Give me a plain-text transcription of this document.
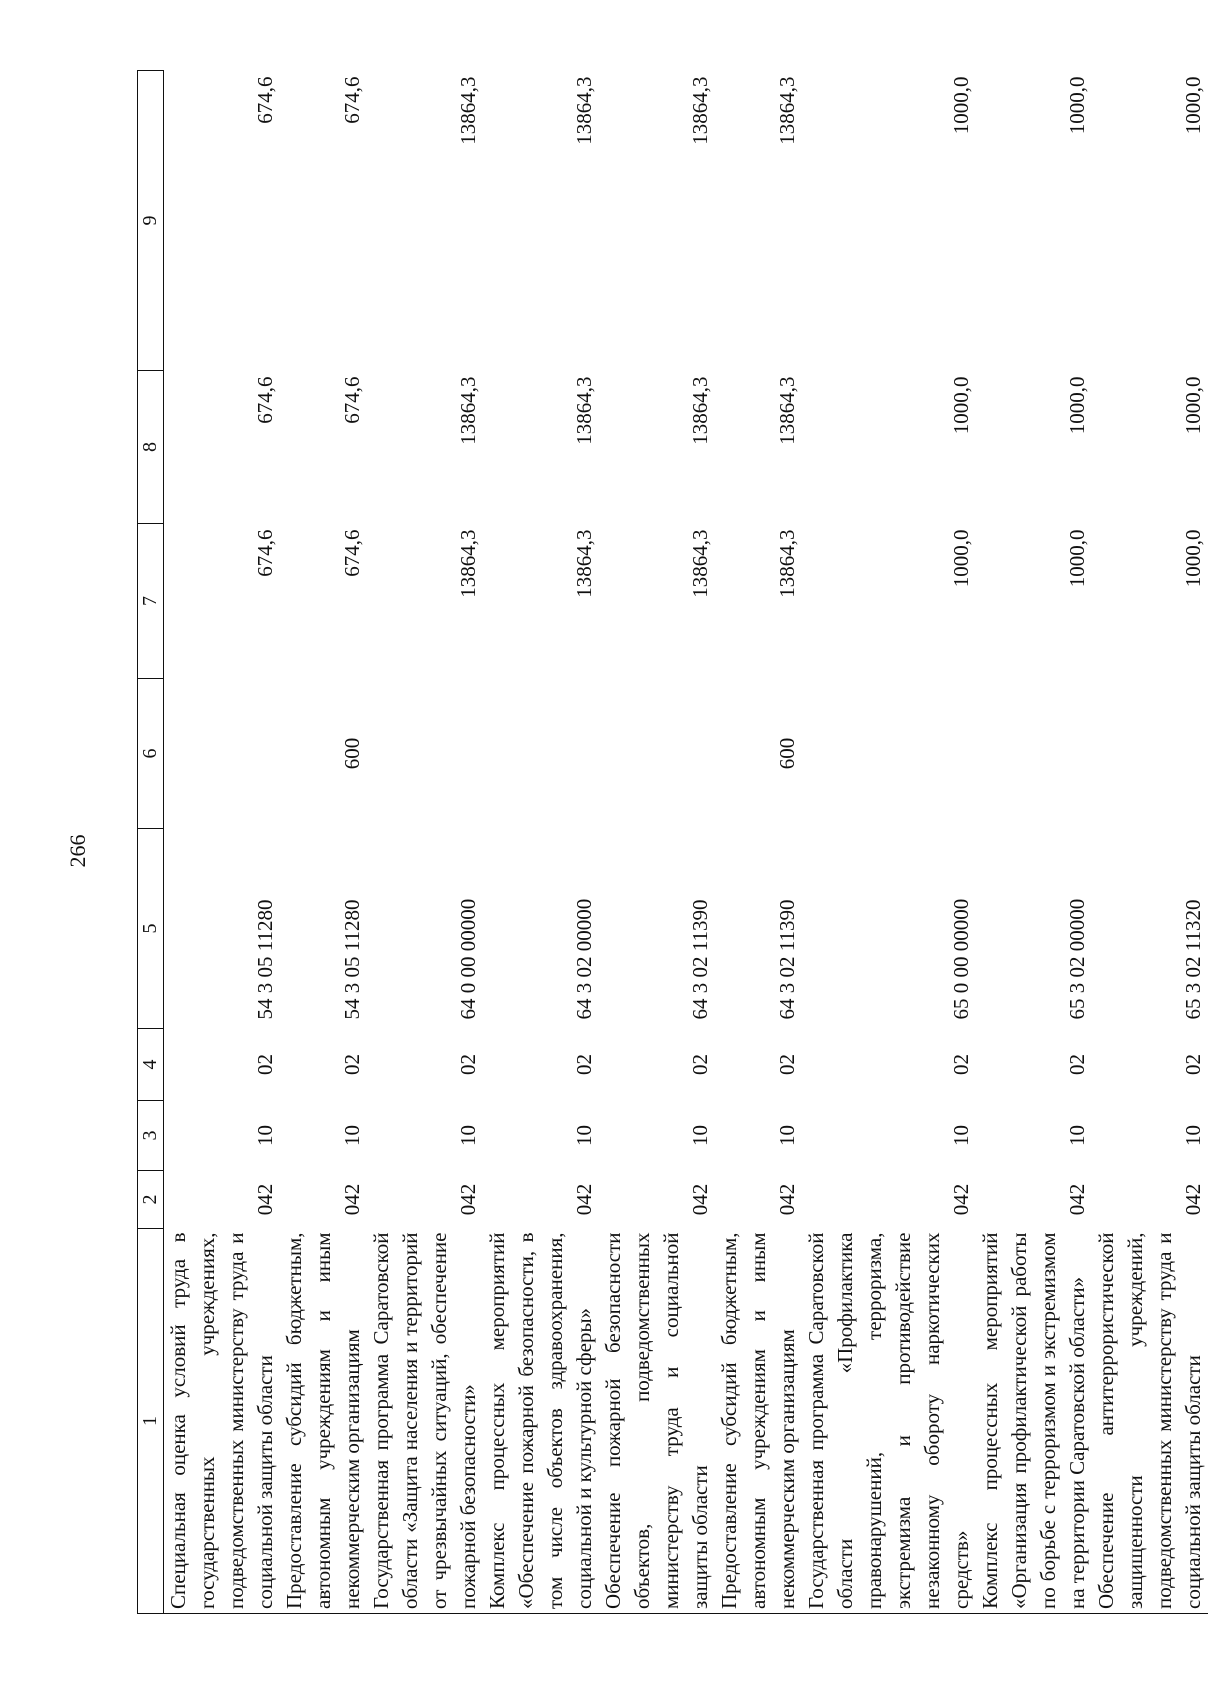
266
1	2	3	4	5	6	7	8	9
Специальная оценка условий труда в государственных учреждениях, подведомственных министерству труда и социальной защиты области	042	10	02	54 3 05 11280		674,6	674,6	674,6
Предоставление субсидий бюджетным, автономным учреждениям и иным некоммерческим организациям	042	10	02	54 3 05 11280	600	674,6	674,6	674,6
Государственная программа Саратовской области «Защита населения и территорий от чрезвычайных ситуаций, обеспечение пожарной безопасности»	042	10	02	64 0 00 00000		13864,3	13864,3	13864,3
Комплекс процессных мероприятий «Обеспечение пожарной безопасности, в том числе объектов здравоохранения, социальной и культурной сферы»	042	10	02	64 3 02 00000		13864,3	13864,3	13864,3
Обеспечение пожарной безопасности объектов, подведомственных министерству труда и социальной защиты области	042	10	02	64 3 02 11390		13864,3	13864,3	13864,3
Предоставление субсидий бюджетным, автономным учреждениям и иным некоммерческим организациям	042	10	02	64 3 02 11390	600	13864,3	13864,3	13864,3
Государственная программа Саратовской области «Профилактика правонарушений, терроризма, экстремизма и противодействие незаконному обороту наркотических средств»	042	10	02	65 0 00 00000		1000,0	1000,0	1000,0
Комплекс процессных мероприятий «Организация профилактической работы по борьбе с терроризмом и экстремизмом на территории Саратовской области»	042	10	02	65 3 02 00000		1000,0	1000,0	1000,0
Обеспечение антитеррористической защищенности учреждений, подведомственных министерству труда и социальной защиты области	042	10	02	65 3 02 11320		1000,0	1000,0	1000,0
